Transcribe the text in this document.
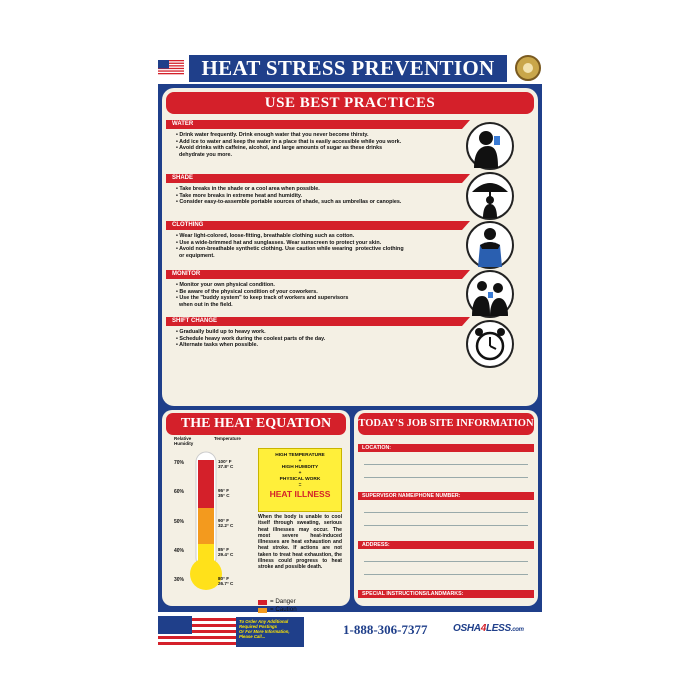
HEAT STRESS PREVENTION
USE BEST PRACTICES
WATER
• Drink water frequently. Drink enough water that you never become thirsty.
• Add ice to water and keep the water in a place that is easily accessible while you work.
• Avoid drinks with caffeine, alcohol, and large amounts of sugar as these drinks
dehydrate you more.
SHADE
• Take breaks in the shade or a cool area when possible.
• Take more breaks in extreme heat and humidity.
• Consider easy-to-assemble portable sources of shade, such as umbrellas or canopies.
CLOTHING
• Wear light-colored, loose-fitting, breathable clothing such as cotton.
• Use a wide-brimmed hat and sunglasses. Wear sunscreen to protect your skin.
• Avoid non-breathable synthetic clothing. Use caution while wearing  protective clothing
or equipment.
MONITOR
• Monitor your own physical condition.
• Be aware of the physical condition of your coworkers.
• Use the "buddy system" to keep track of workers and supervisors
when out in the field.
SHIFT CHANGE
• Gradually build up to heavy work.
• Schedule heavy work during the coolest parts of the day.
• Alternate tasks when possible.
THE HEAT EQUATION
Relative
Humidity
Temperature
70%
60%
50%
40%
30%
100° F
37.8° C
95° F
35° C
90° F
32.2° C
85° F
29.4° C
80° F
26.7° C
HIGH TEMPERATURE
+
HIGH HUMIDITY
+
PHYSICAL WORK
=
HEAT ILLNESS
When the body is unable to cool itself through sweating, serious heat illnesses may occur. The most severe heat-induced illnesses are heat exhaustion and heat stroke. If actions are not taken to treat heat exhaustion, the illness could progress to heat stroke and possible death.
= Danger
= Caution
TODAY'S JOB SITE INFORMATION
LOCATION:
SUPERVISOR NAME/PHONE NUMBER:
ADDRESS:
SPECIAL INSTRUCTIONS/LANDMARKS:
To Order Any Additional
Required Postings
Or For More Information,
Please Call...	1-888-306-7377	OSHA4LESS.com
